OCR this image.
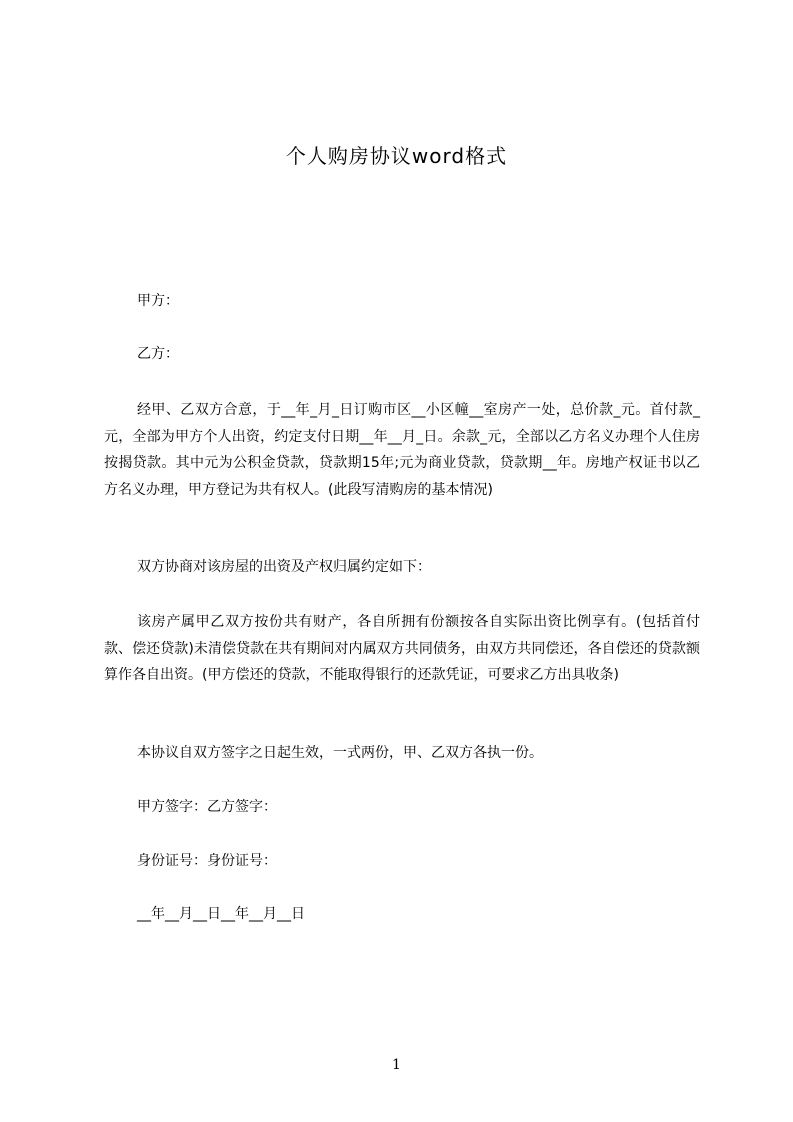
个人购房协议word格式
甲方：
乙方：
经甲、乙双方合意，于__年_月_日订购市区__小区幢__室房产一处，总价款_元。首付款_元，全部为甲方个人出资，约定支付日期__年__月_日。余款_元，全部以乙方名义办理个人住房按揭贷款。其中元为公积金贷款，贷款期15年;元为商业贷款，贷款期__年。房地产权证书以乙方名义办理，甲方登记为共有权人。(此段写清购房的基本情况)
双方协商对该房屋的出资及产权归属约定如下：
该房产属甲乙双方按份共有财产，各自所拥有份额按各自实际出资比例享有。(包括首付款、偿还贷款)未清偿贷款在共有期间对内属双方共同债务，由双方共同偿还，各自偿还的贷款额算作各自出资。(甲方偿还的贷款，不能取得银行的还款凭证，可要求乙方出具收条)
本协议自双方签字之日起生效，一式两份，甲、乙双方各执一份。
甲方签字：乙方签字：
身份证号：身份证号：
__年__月__日__年__月__日
1
